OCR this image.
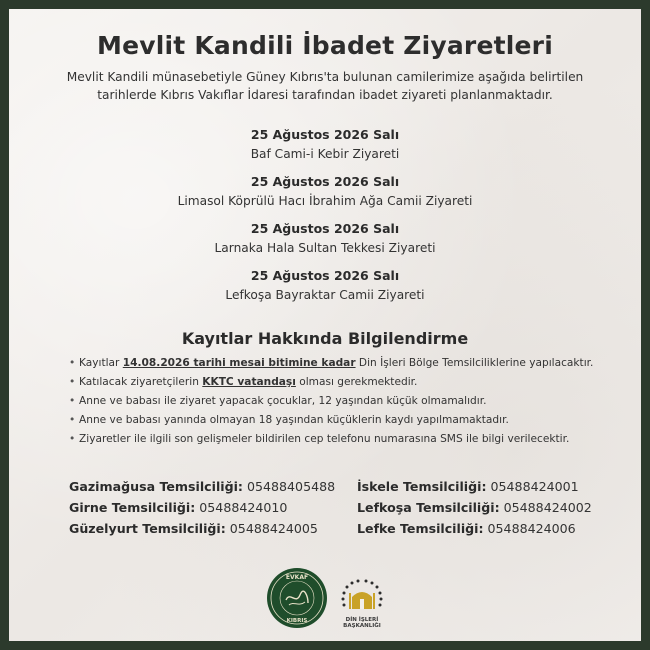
Mevlit Kandili İbadet Ziyaretleri
Mevlit Kandili münasebetiyle Güney Kıbrıs'ta bulunan camilerimize aşağıda belirtilen
tarihlerde Kıbrıs Vakıflar İdaresi tarafından ibadet ziyareti planlanmaktadır.
25 Ağustos 2026 Salı
Baf Cami-i Kebir Ziyareti
25 Ağustos 2026 Salı
Limasol Köprülü Hacı İbrahim Ağa Camii Ziyareti
25 Ağustos 2026 Salı
Larnaka Hala Sultan Tekkesi Ziyareti
25 Ağustos 2026 Salı
Lefkoşa Bayraktar Camii Ziyareti
Kayıtlar Hakkında Bilgilendirme
• Kayıtlar 14.08.2026 tarihi mesai bitimine kadar Din İşleri Bölge Temsilciliklerine yapılacaktır.
• Katılacak ziyaretçilerin KKTC vatandaşı olması gerekmektedir.
• Anne ve babası ile ziyaret yapacak çocuklar, 12 yaşından küçük olmamalıdır.
• Anne ve babası yanında olmayan 18 yaşından küçüklerin kaydı yapılmamaktadır.
• Ziyaretler ile ilgili son gelişmeler bildirilen cep telefonu numarasına SMS ile bilgi verilecektir.
Gazimağusa Temsilciliği: 05488405488
Girne Temsilciliği: 05488424010
Güzelyurt Temsilciliği: 05488424005
İskele Temsilciliği: 05488424001
Lefkoşa Temsilciliği: 05488424002
Lefke Temsilciliği: 05488424006
EVKAF
KIBRIS	DİN İŞLERİ
BAŞKANLIĞI
